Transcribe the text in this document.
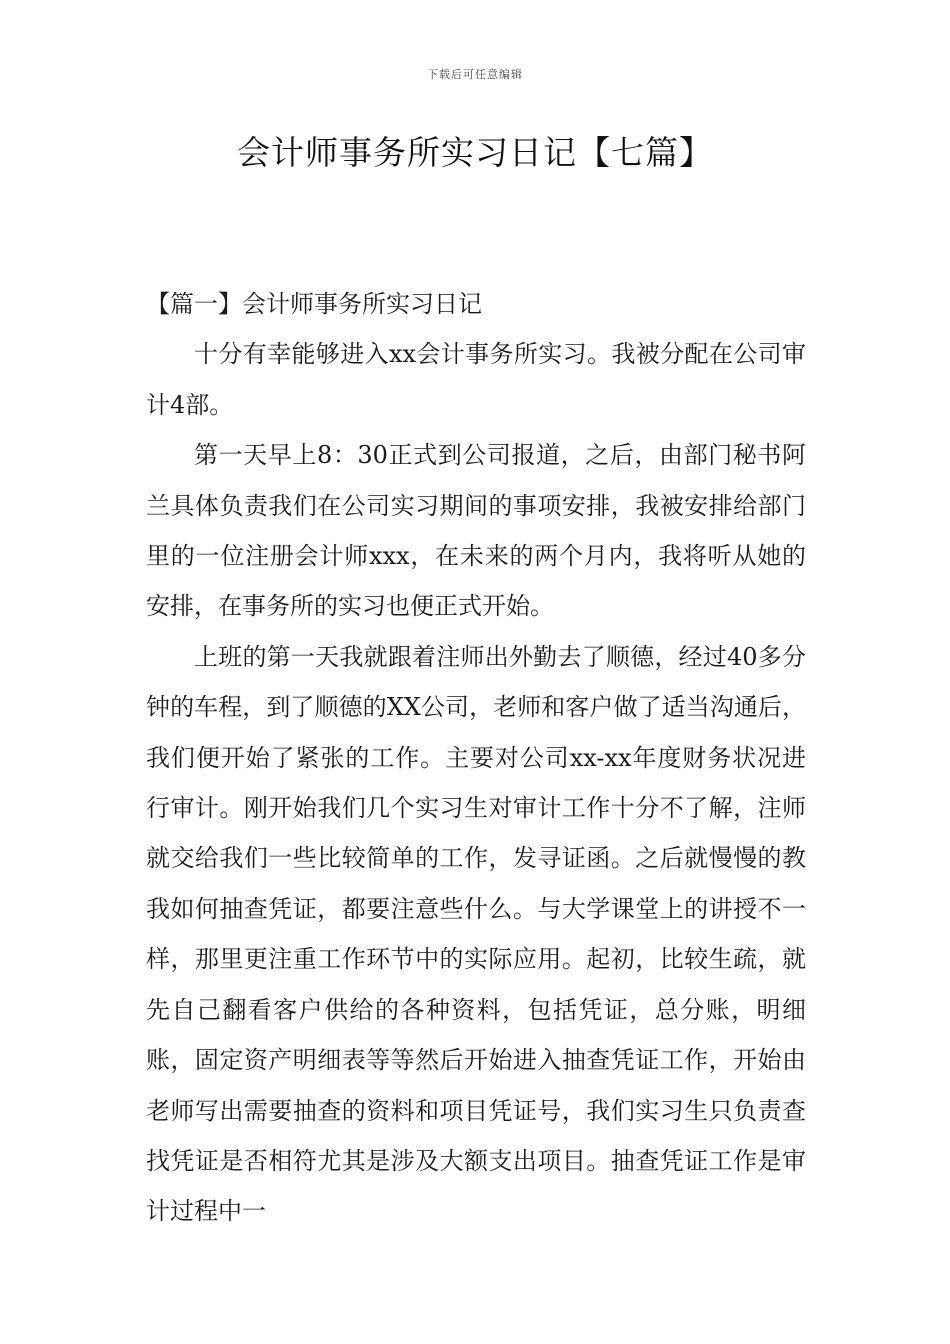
下载后可任意编辑
会计师事务所实习日记【七篇】
【篇一】会计师事务所实习日记

十分有幸能够进入xx会计事务所实习。我被分配在公司审计4部。

第一天早上8：30正式到公司报道，之后，由部门秘书阿兰具体负责我们在公司实习期间的事项安排，我被安排给部门里的一位注册会计师xxx，在未来的两个月内，我将听从她的安排，在事务所的实习也便正式开始。

上班的第一天我就跟着注师出外勤去了顺德，经过40多分钟的车程，到了顺德的XX公司，老师和客户做了适当沟通后，我们便开始了紧张的工作。主要对公司xx-xx年度财务状况进行审计。刚开始我们几个实习生对审计工作十分不了解，注师就交给我们一些比较简单的工作，发寻证函。之后就慢慢的教我如何抽查凭证，都要注意些什么。与大学课堂上的讲授不一样，那里更注重工作环节中的实际应用。起初，比较生疏，就先自己翻看客户供给的各种资料，包括凭证，总分账，明细账，固定资产明细表等等然后开始进入抽查凭证工作，开始由老师写出需要抽查的资料和项目凭证号，我们实习生只负责查找凭证是否相符尤其是涉及大额支出项目。抽查凭证工作是审计过程中一
